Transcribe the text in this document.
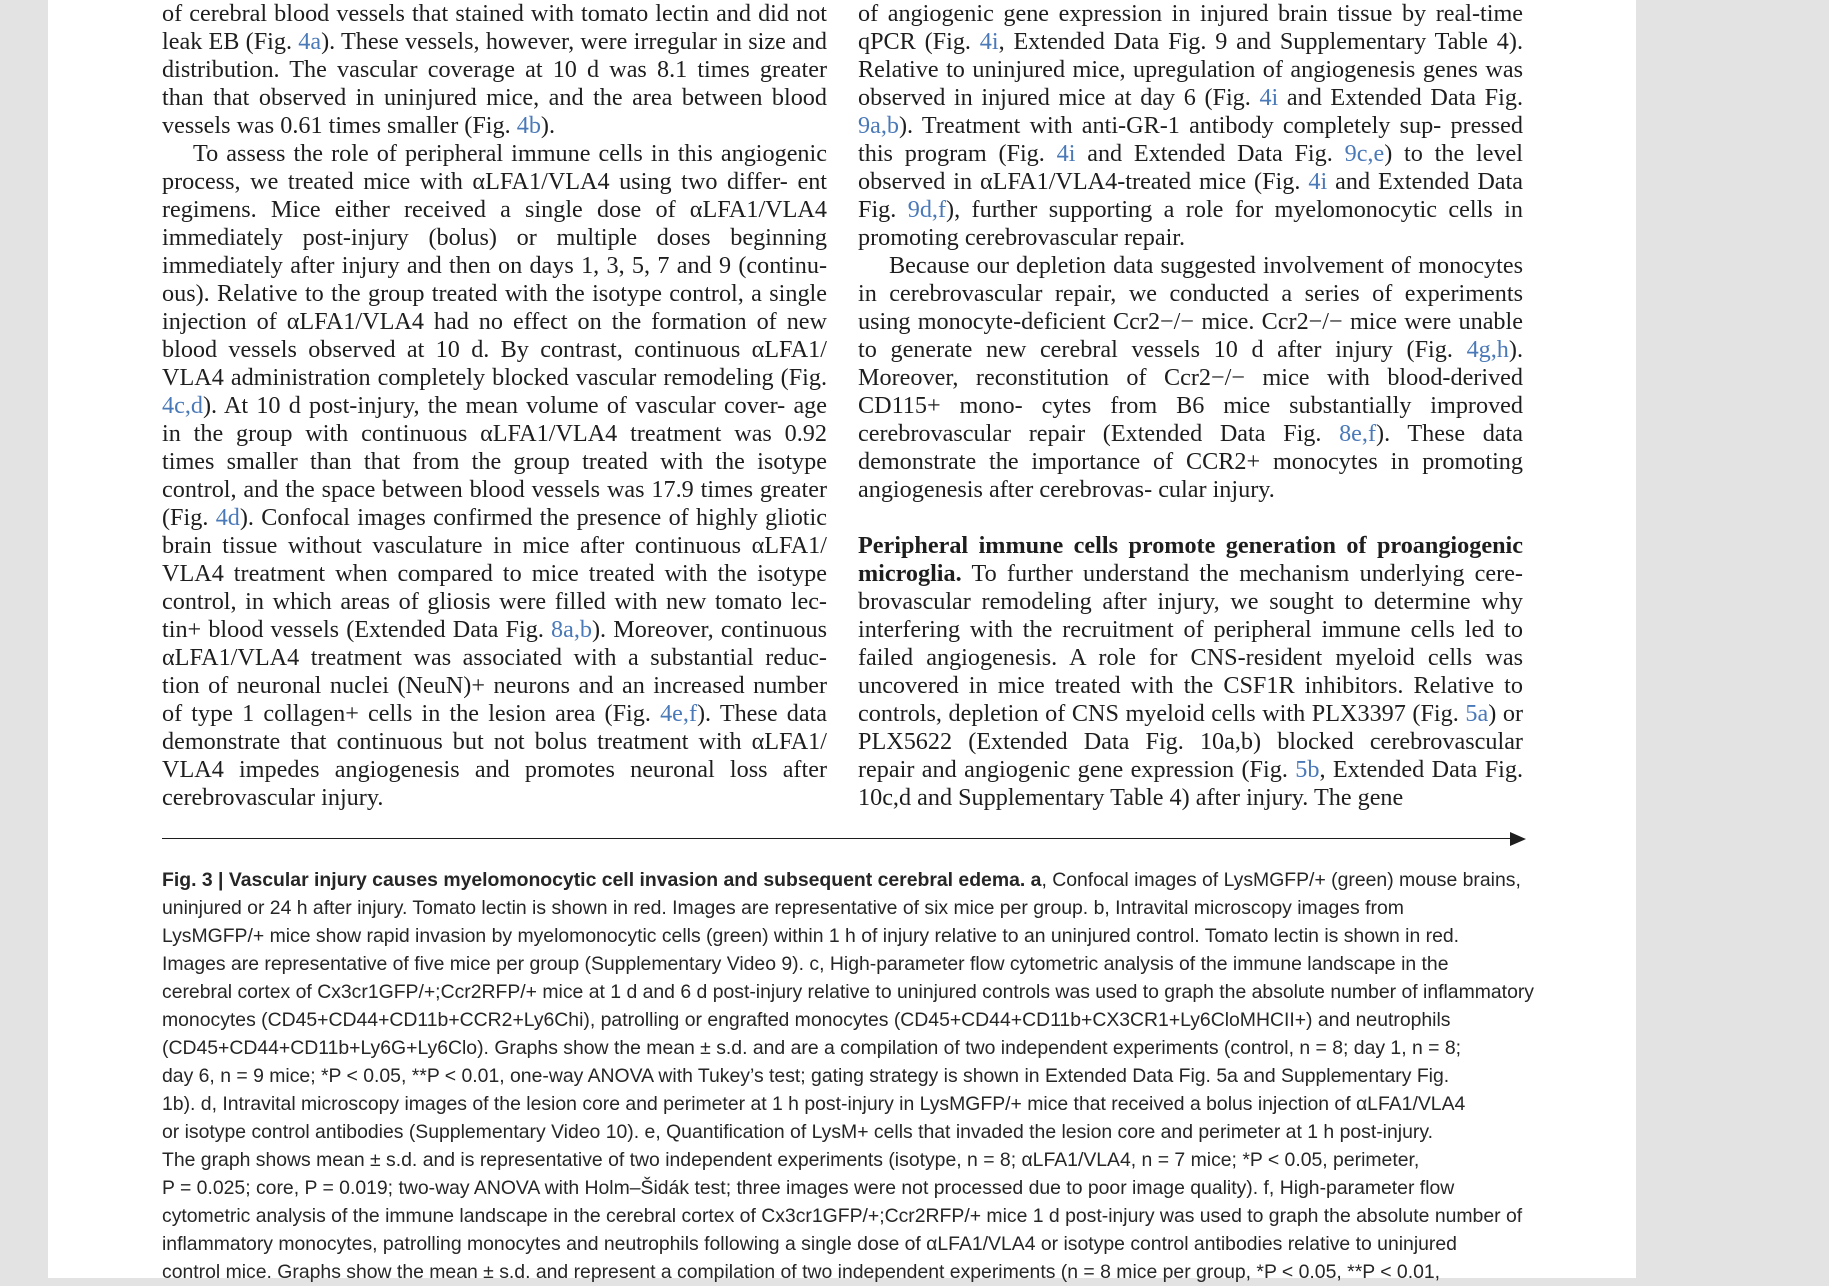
of cerebral blood vessels that stained with tomato lectin and did not leak EB (Fig. 4a). These vessels, however, were irregular in size and distribution. The vascular coverage at 10 d was 8.1 times greater than that observed in uninjured mice, and the area between blood vessels was 0.61 times smaller (Fig. 4b).

To assess the role of peripheral immune cells in this angiogenic process, we treated mice with αLFA1/VLA4 using two differ- ent regimens. Mice either received a single dose of αLFA1/VLA4 immediately post-injury (bolus) or multiple doses beginning immediately after injury and then on days 1, 3, 5, 7 and 9 (continu- ous). Relative to the group treated with the isotype control, a single injection of αLFA1/VLA4 had no effect on the formation of new blood vessels observed at 10 d. By contrast, continuous αLFA1/ VLA4 administration completely blocked vascular remodeling (Fig. 4c,d). At 10 d post-injury, the mean volume of vascular cover- age in the group with continuous αLFA1/VLA4 treatment was 0.92 times smaller than that from the group treated with the isotype control, and the space between blood vessels was 17.9 times greater (Fig. 4d). Confocal images confirmed the presence of highly gliotic brain tissue without vasculature in mice after continuous αLFA1/ VLA4 treatment when compared to mice treated with the isotype control, in which areas of gliosis were filled with new tomato lec- tin+ blood vessels (Extended Data Fig. 8a,b). Moreover, continuous αLFA1/VLA4 treatment was associated with a substantial reduc- tion of neuronal nuclei (NeuN)+ neurons and an increased number of type 1 collagen+ cells in the lesion area (Fig. 4e,f). These data demonstrate that continuous but not bolus treatment with αLFA1/ VLA4 impedes angiogenesis and promotes neuronal loss after cerebrovascular injury.

of angiogenic gene expression in injured brain tissue by real-time qPCR (Fig. 4i, Extended Data Fig. 9 and Supplementary Table 4). Relative to uninjured mice, upregulation of angiogenesis genes was observed in injured mice at day 6 (Fig. 4i and Extended Data Fig. 9a,b). Treatment with anti-GR-1 antibody completely sup- pressed this program (Fig. 4i and Extended Data Fig. 9c,e) to the level observed in αLFA1/VLA4-treated mice (Fig. 4i and Extended Data Fig. 9d,f), further supporting a role for myelomonocytic cells in promoting cerebrovascular repair.

Because our depletion data suggested involvement of monocytes in cerebrovascular repair, we conducted a series of experiments using monocyte-deficient Ccr2−/− mice. Ccr2−/− mice were unable to generate new cerebral vessels 10 d after injury (Fig. 4g,h). Moreover, reconstitution of Ccr2−/− mice with blood-derived CD115+ mono- cytes from B6 mice substantially improved cerebrovascular repair (Extended Data Fig. 8e,f). These data demonstrate the importance of CCR2+ monocytes in promoting angiogenesis after cerebrovas- cular injury.

Peripheral immune cells promote generation of proangiogenic microglia. To further understand the mechanism underlying cere- brovascular remodeling after injury, we sought to determine why interfering with the recruitment of peripheral immune cells led to failed angiogenesis. A role for CNS-resident myeloid cells was uncovered in mice treated with the CSF1R inhibitors. Relative to controls, depletion of CNS myeloid cells with PLX3397 (Fig. 5a) or PLX5622 (Extended Data Fig. 10a,b) blocked cerebrovascular repair and angiogenic gene expression (Fig. 5b, Extended Data Fig. 10c,d and Supplementary Table 4) after injury. The gene

Fig. 3 | Vascular injury causes myelomonocytic cell invasion and subsequent cerebral edema. a, Confocal images of LysMGFP/+ (green) mouse brains,

uninjured or 24 h after injury. Tomato lectin is shown in red. Images are representative of six mice per group. b, Intravital microscopy images from

LysMGFP/+ mice show rapid invasion by myelomonocytic cells (green) within 1 h of injury relative to an uninjured control. Tomato lectin is shown in red.

Images are representative of five mice per group (Supplementary Video 9). c, High-parameter flow cytometric analysis of the immune landscape in the

cerebral cortex of Cx3cr1GFP/+;Ccr2RFP/+ mice at 1 d and 6 d post-injury relative to uninjured controls was used to graph the absolute number of inflammatory

monocytes (CD45+CD44+CD11b+CCR2+Ly6Chi), patrolling or engrafted monocytes (CD45+CD44+CD11b+CX3CR1+Ly6CloMHCII+) and neutrophils

(CD45+CD44+CD11b+Ly6G+Ly6Clo). Graphs show the mean ± s.d. and are a compilation of two independent experiments (control, n = 8; day 1, n = 8;

day 6, n = 9 mice; *P < 0.05, **P < 0.01, one-way ANOVA with Tukey’s test; gating strategy is shown in Extended Data Fig. 5a and Supplementary Fig.

1b). d, Intravital microscopy images of the lesion core and perimeter at 1 h post-injury in LysMGFP/+ mice that received a bolus injection of αLFA1/VLA4

or isotype control antibodies (Supplementary Video 10). e, Quantification of LysM+ cells that invaded the lesion core and perimeter at 1 h post-injury.

The graph shows mean ± s.d. and is representative of two independent experiments (isotype, n = 8; αLFA1/VLA4, n = 7 mice; *P < 0.05, perimeter,

P = 0.025; core, P = 0.019; two-way ANOVA with Holm–Šidák test; three images were not processed due to poor image quality). f, High-parameter flow

cytometric analysis of the immune landscape in the cerebral cortex of Cx3cr1GFP/+;Ccr2RFP/+ mice 1 d post-injury was used to graph the absolute number of

inflammatory monocytes, patrolling monocytes and neutrophils following a single dose of αLFA1/VLA4 or isotype control antibodies relative to uninjured

control mice. Graphs show the mean ± s.d. and represent a compilation of two independent experiments (n = 8 mice per group, *P < 0.05, **P < 0.01,
